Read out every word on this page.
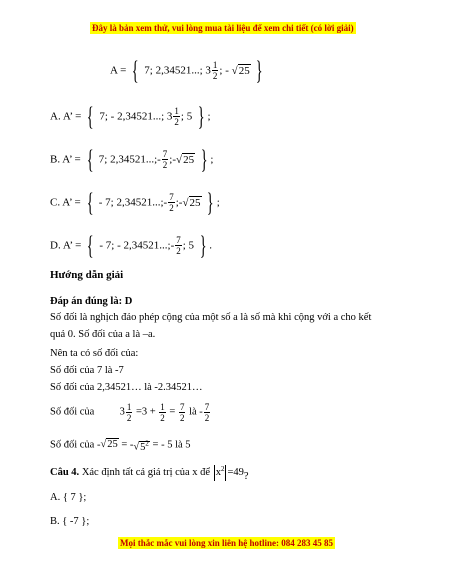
Đây là bản xem thử, vui lòng mua tài liệu để xem chi tiết (có lời giải)
A = { 7; 2,34521...; $3 \frac{1}{2}$ ; - √25 }
A. A’ = { 7; - 2,34521...; $3 \frac{1}{2}$ ; 5 } ;
B. A’ = { 7; 2,34521...;- $\frac{7}{2}$ ;-√25 } ;
C. A’ = { - 7; 2,34521...;- $\frac{7}{2}$ ;-√25 } ;
D. A’ = { - 7; - 2,34521...;- $\frac{7}{2}$ ; 5 } .
Hướng dẫn giải
Đáp án đúng là: D
Số đối là nghịch đảo phép cộng của một số a là số mà khi cộng với a cho kết
quả 0. Số đối của a là –a.
Nên ta có số đối của:
Số đối của 7 là -7
Số đối của 2,34521… là -2.34521…
Số đối của $3 \frac{1}{2} =3 + \frac{1}{2} = \frac{7}{2}$ là - $\frac{7}{2}$
Số đối của $-√25 = -√5^2$ = - 5 là 5
Câu 4. Xác định tất cả giá trị của x để $x^2 =49$?
A. { 7 };
B. { -7 };
Mọi thắc mắc vui lòng xin liên hệ hotline: 084 283 45 85
